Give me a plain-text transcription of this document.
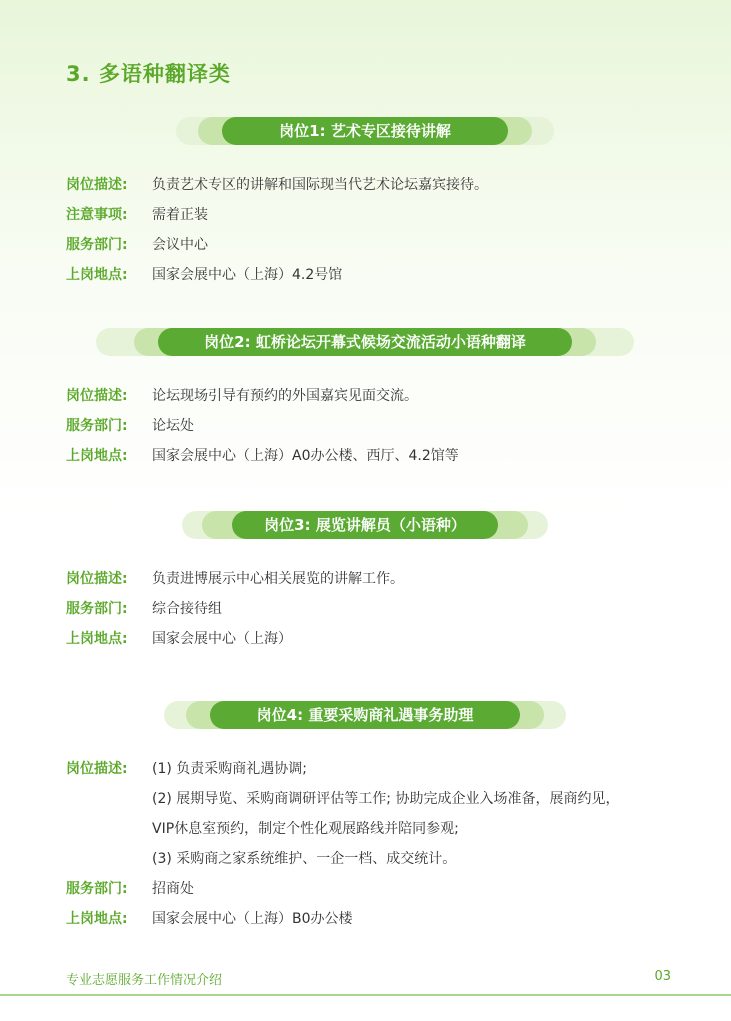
3. 多语种翻译类
岗位1: 艺术专区接待讲解
岗位描述:	负责艺术专区的讲解和国际现当代艺术论坛嘉宾接待。
注意事项:	需着正装
服务部门:	会议中心
上岗地点:	国家会展中心（上海）4.2号馆
岗位2: 虹桥论坛开幕式候场交流活动小语种翻译
岗位描述:	论坛现场引导有预约的外国嘉宾见面交流。
服务部门:	论坛处
上岗地点:	国家会展中心（上海）A0办公楼、西厅、4.2馆等
岗位3: 展览讲解员（小语种）
岗位描述:	负责进博展示中心相关展览的讲解工作。
服务部门:	综合接待组
上岗地点:	国家会展中心（上海）
岗位4: 重要采购商礼遇事务助理
岗位描述:	(1) 负责采购商礼遇协调;
(2) 展期导览、采购商调研评估等工作; 协助完成企业入场准备，展商约见，
VIP休息室预约，制定个性化观展路线并陪同参观;
(3) 采购商之家系统维护、一企一档、成交统计。
服务部门:	招商处
上岗地点:	国家会展中心（上海）B0办公楼
专业志愿服务工作情况介绍	03
